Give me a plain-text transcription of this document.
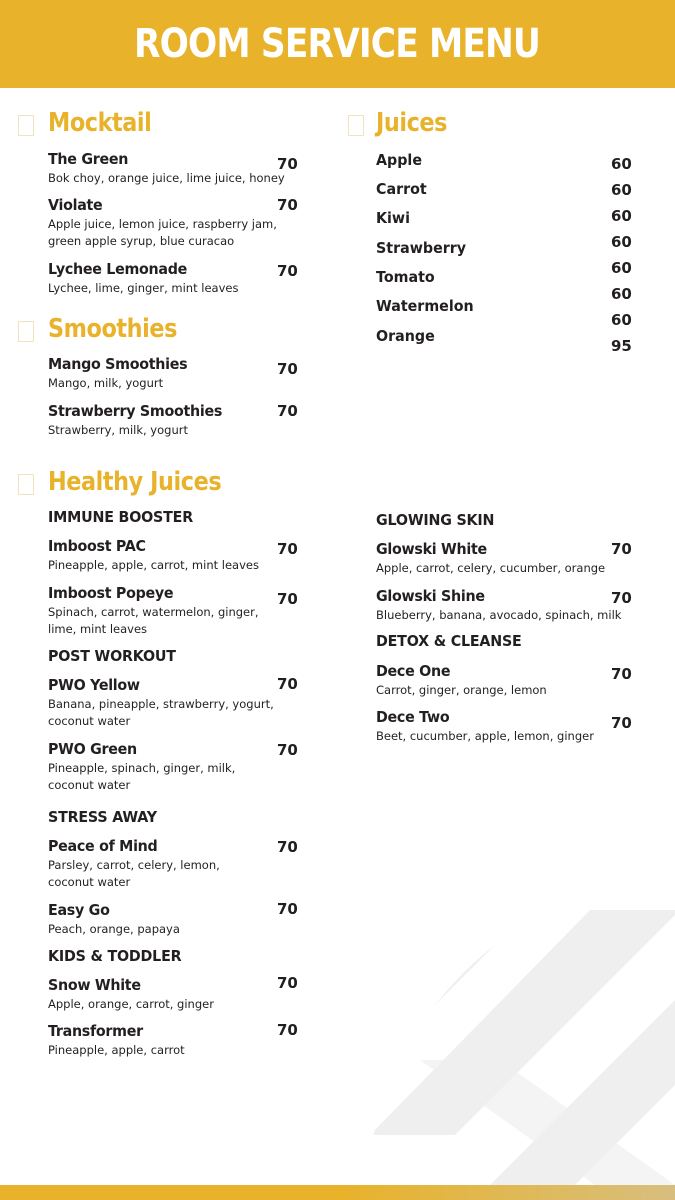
ROOM SERVICE MENU
Mocktail
The Green
Bok choy, orange juice, lime juice, honey
70
Violate
Apple juice, lemon juice, raspberry jam,
green apple syrup, blue curacao
70
Lychee Lemonade
Lychee, lime, ginger, mint leaves
70
Smoothies
Mango Smoothies
Mango, milk, yogurt
70
Strawberry Smoothies
Strawberry, milk, yogurt
70
Juices
Apple
Carrot
Kiwi
Strawberry
Tomato
Watermelon
Orange
60
60
60
60
60
60
60
95
Healthy Juices
IMMUNE BOOSTER
Imboost PAC
Pineapple, apple, carrot, mint leaves
70
Imboost Popeye
Spinach, carrot, watermelon, ginger,
lime, mint leaves
70
POST WORKOUT
PWO Yellow
Banana, pineapple, strawberry, yogurt,
coconut water
70
PWO Green
Pineapple, spinach, ginger, milk,
coconut water
70
STRESS AWAY
Peace of Mind
Parsley, carrot, celery, lemon,
coconut water
70
Easy Go
Peach, orange, papaya
70
KIDS & TODDLER
Snow White
Apple, orange, carrot, ginger
70
Transformer
Pineapple, apple, carrot
70
GLOWING SKIN
Glowski White
Apple, carrot, celery, cucumber, orange
70
Glowski Shine
Blueberry, banana, avocado, spinach, milk
70
DETOX & CLEANSE
Dece One
Carrot, ginger, orange, lemon
70
Dece Two
Beet, cucumber, apple, lemon, ginger
70
